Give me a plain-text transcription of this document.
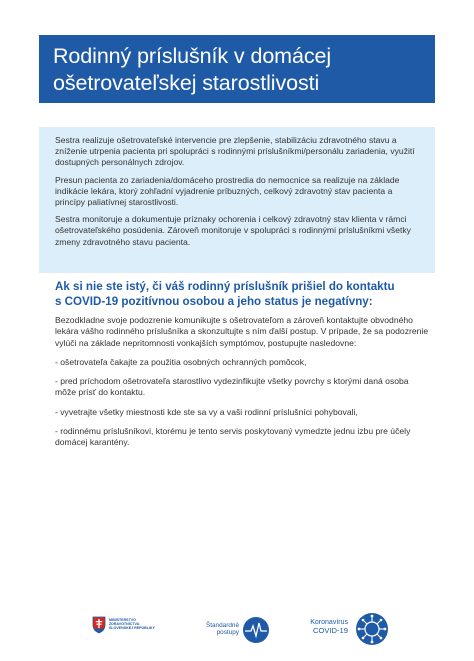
Rodinný príslušník v domácej
ošetrovateľskej starostlivosti

Sestra realizuje ošetrovateľské intervencie pre zlepšenie, stabilizáciu zdravotného stavu a zníženie utrpenia pacienta pri spolupráci s rodinnými príslušníkmi/personálu zariadenia, využití dostupných personálnych zdrojov.

Presun pacienta zo zariadenia/domáceho prostredia do nemocnice sa realizuje na základe indikácie lekára, ktorý zohľadní vyjadrenie príbuzných, celkový zdravotný stav pacienta a princípy paliatívnej starostlivosti.

Sestra monitoruje a dokumentuje príznaky ochorenia i celkový zdravotný stav klienta v rámci ošetrovateľského posúdenia. Zároveň monitoruje v spolupráci s rodinnými príslušníkmi všetky zmeny zdravotného stavu pacienta.

Ak si nie ste istý, či váš rodinný príslušník prišiel do kontaktu
s COVID-19 pozitívnou osobou a jeho status je negatívny:

Bezodkladne svoje podozrenie komunikujte s ošetrovateľom a zároveň kontaktujte obvodného lekára vášho rodinného príslušníka a skonzultujte s ním ďalší postup. V prípade, že sa podozrenie vylúči na základe nepritomnosti vonkajších symptómov, postupujte nasledovne:

- ošetrovateľa čakajte za použitia osobných ochranných pomôcok,

- pred príchodom ošetrovateľa starostlivo vydezinfikujte všetky povrchy s ktorými daná osoba môže prísť do kontaktu.

- vyvetrajte všetky miestnosti kde ste sa vy a vaši rodinní príslušníci pohybovali,

- rodinnému príslušníkovi, ktorému je tento servis poskytovaný vymedzte jednu izbu pre účely domácej karantény.

MINISTERSTVO
ZDRAVOTNÍCTVA
SLOVENSKEJ REPUBLIKY	Štandardné
postupy
Koronavírus
COVID-19
